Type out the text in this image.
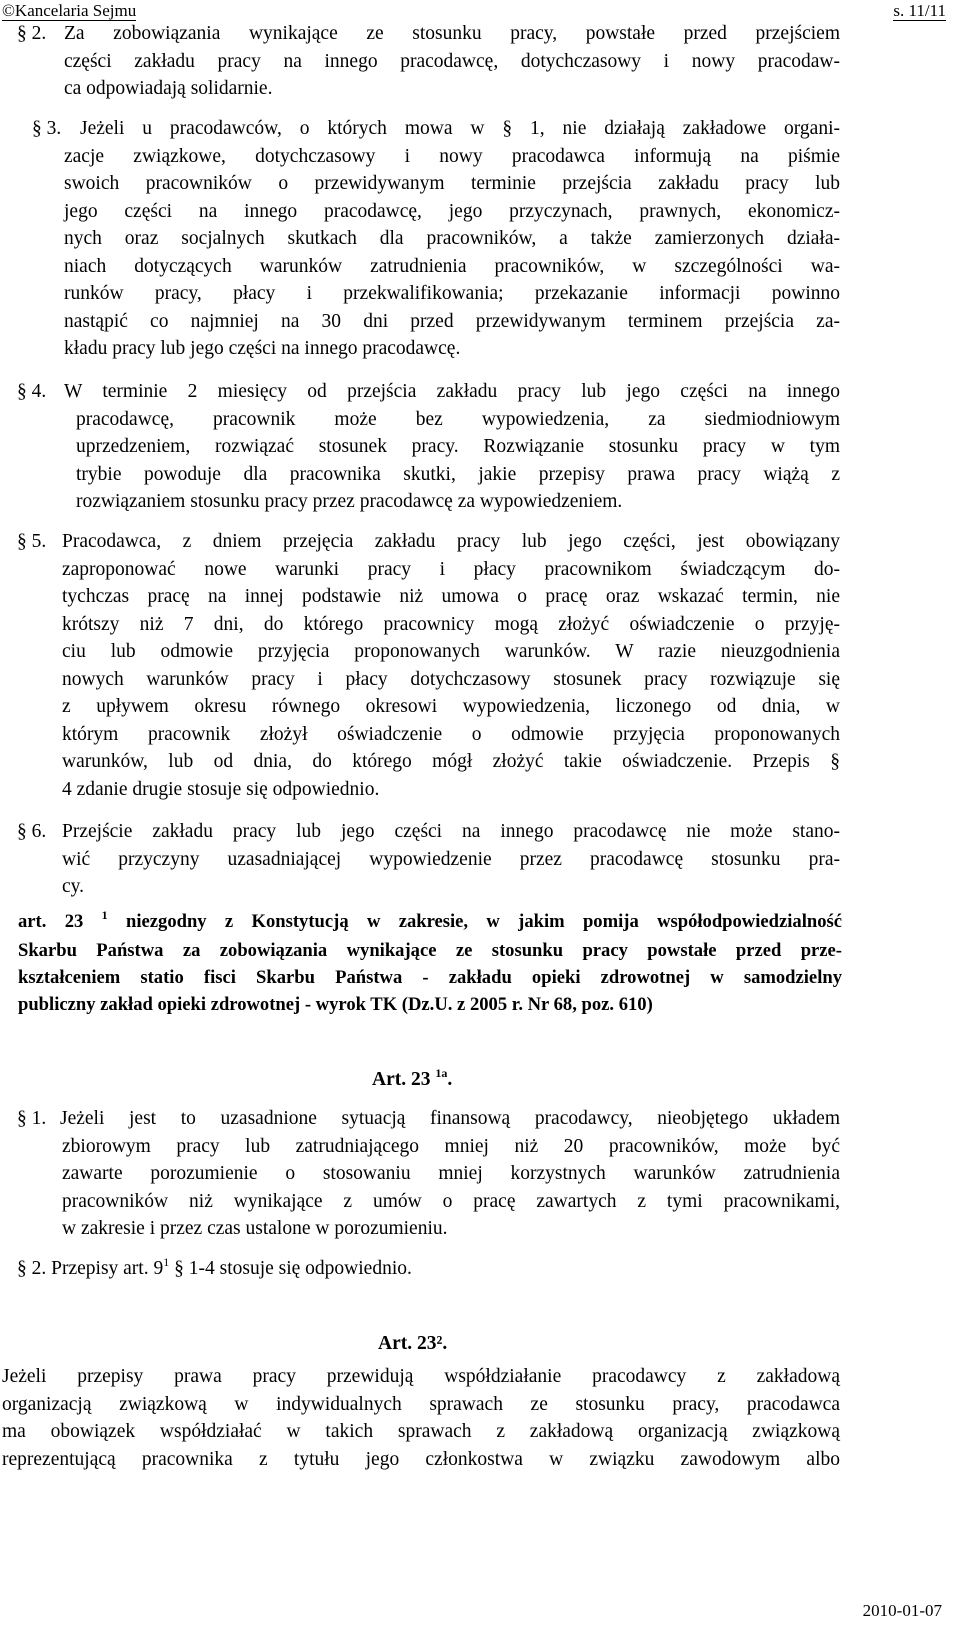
©Kancelaria Sejmu	s. 11/11
§ 2. Za zobowiązania wynikające ze stosunku pracy, powstałe przed przejściem
części zakładu pracy na innego pracodawcę, dotychczasowy i nowy pracodaw-
ca odpowiadają solidarnie.
§ 3. Jeżeli u pracodawców, o których mowa w § 1, nie działają zakładowe organi-
zacje związkowe, dotychczasowy i nowy pracodawca informują na piśmie
swoich pracowników o przewidywanym terminie przejścia zakładu pracy lub
jego części na innego pracodawcę, jego przyczynach, prawnych, ekonomicz-
nych oraz socjalnych skutkach dla pracowników, a także zamierzonych działa-
niach dotyczących warunków zatrudnienia pracowników, w szczególności wa-
runków pracy, płacy i przekwalifikowania; przekazanie informacji powinno
nastąpić co najmniej na 30 dni przed przewidywanym terminem przejścia za-
kładu pracy lub jego części na innego pracodawcę.
§ 4. W terminie 2 miesięcy od przejścia zakładu pracy lub jego części na innego
pracodawcę, pracownik może bez wypowiedzenia, za siedmiodniowym
uprzedzeniem, rozwiązać stosunek pracy. Rozwiązanie stosunku pracy w tym
trybie powoduje dla pracownika skutki, jakie przepisy prawa pracy wiążą z
rozwiązaniem stosunku pracy przez pracodawcę za wypowiedzeniem.
§ 5. Pracodawca, z dniem przejęcia zakładu pracy lub jego części, jest obowiązany
zaproponować nowe warunki pracy i płacy pracownikom świadczącym do-
tychczas pracę na innej podstawie niż umowa o pracę oraz wskazać termin, nie
krótszy niż 7 dni, do którego pracownicy mogą złożyć oświadczenie o przyję-
ciu lub odmowie przyjęcia proponowanych warunków. W razie nieuzgodnienia
nowych warunków pracy i płacy dotychczasowy stosunek pracy rozwiązuje się
z upływem okresu równego okresowi wypowiedzenia, liczonego od dnia, w
którym pracownik złożył oświadczenie o odmowie przyjęcia proponowanych
warunków, lub od dnia, do którego mógł złożyć takie oświadczenie. Przepis §
4 zdanie drugie stosuje się odpowiednio.
§ 6. Przejście zakładu pracy lub jego części na innego pracodawcę nie może stano-
wić przyczyny uzasadniającej wypowiedzenie przez pracodawcę stosunku pra-
cy.
art. 23 $^1$ niezgodny z Konstytucją w zakresie, w jakim pomija współodpowiedzialność
Skarbu Państwa za zobowiązania wynikające ze stosunku pracy powstałe przed prze-
kształceniem statio fisci Skarbu Państwa - zakładu opieki zdrowotnej w samodzielny
publiczny zakład opieki zdrowotnej - wyrok TK (Dz.U. z 2005 r. Nr 68, poz. 610)
Art. 23 $^{1a}$.
§ 1. Jeżeli jest to uzasadnione sytuacją finansową pracodawcy, nieobjętego układem
zbiorowym pracy lub zatrudniającego mniej niż 20 pracowników, może być
zawarte porozumienie o stosowaniu mniej korzystnych warunków zatrudnienia
pracowników niż wynikające z umów o pracę zawartych z tymi pracownikami,
w zakresie i przez czas ustalone w porozumieniu.
§ 2. Przepisy art. $9^1$ § 1-4 stosuje się odpowiednio.
Art. 23².
Jeżeli przepisy prawa pracy przewidują współdziałanie pracodawcy z zakładową
organizacją związkową w indywidualnych sprawach ze stosunku pracy, pracodawca
ma obowiązek współdziałać w takich sprawach z zakładową organizacją związkową
reprezentującą pracownika z tytułu jego członkostwa w związku zawodowym albo
2010-01-07
